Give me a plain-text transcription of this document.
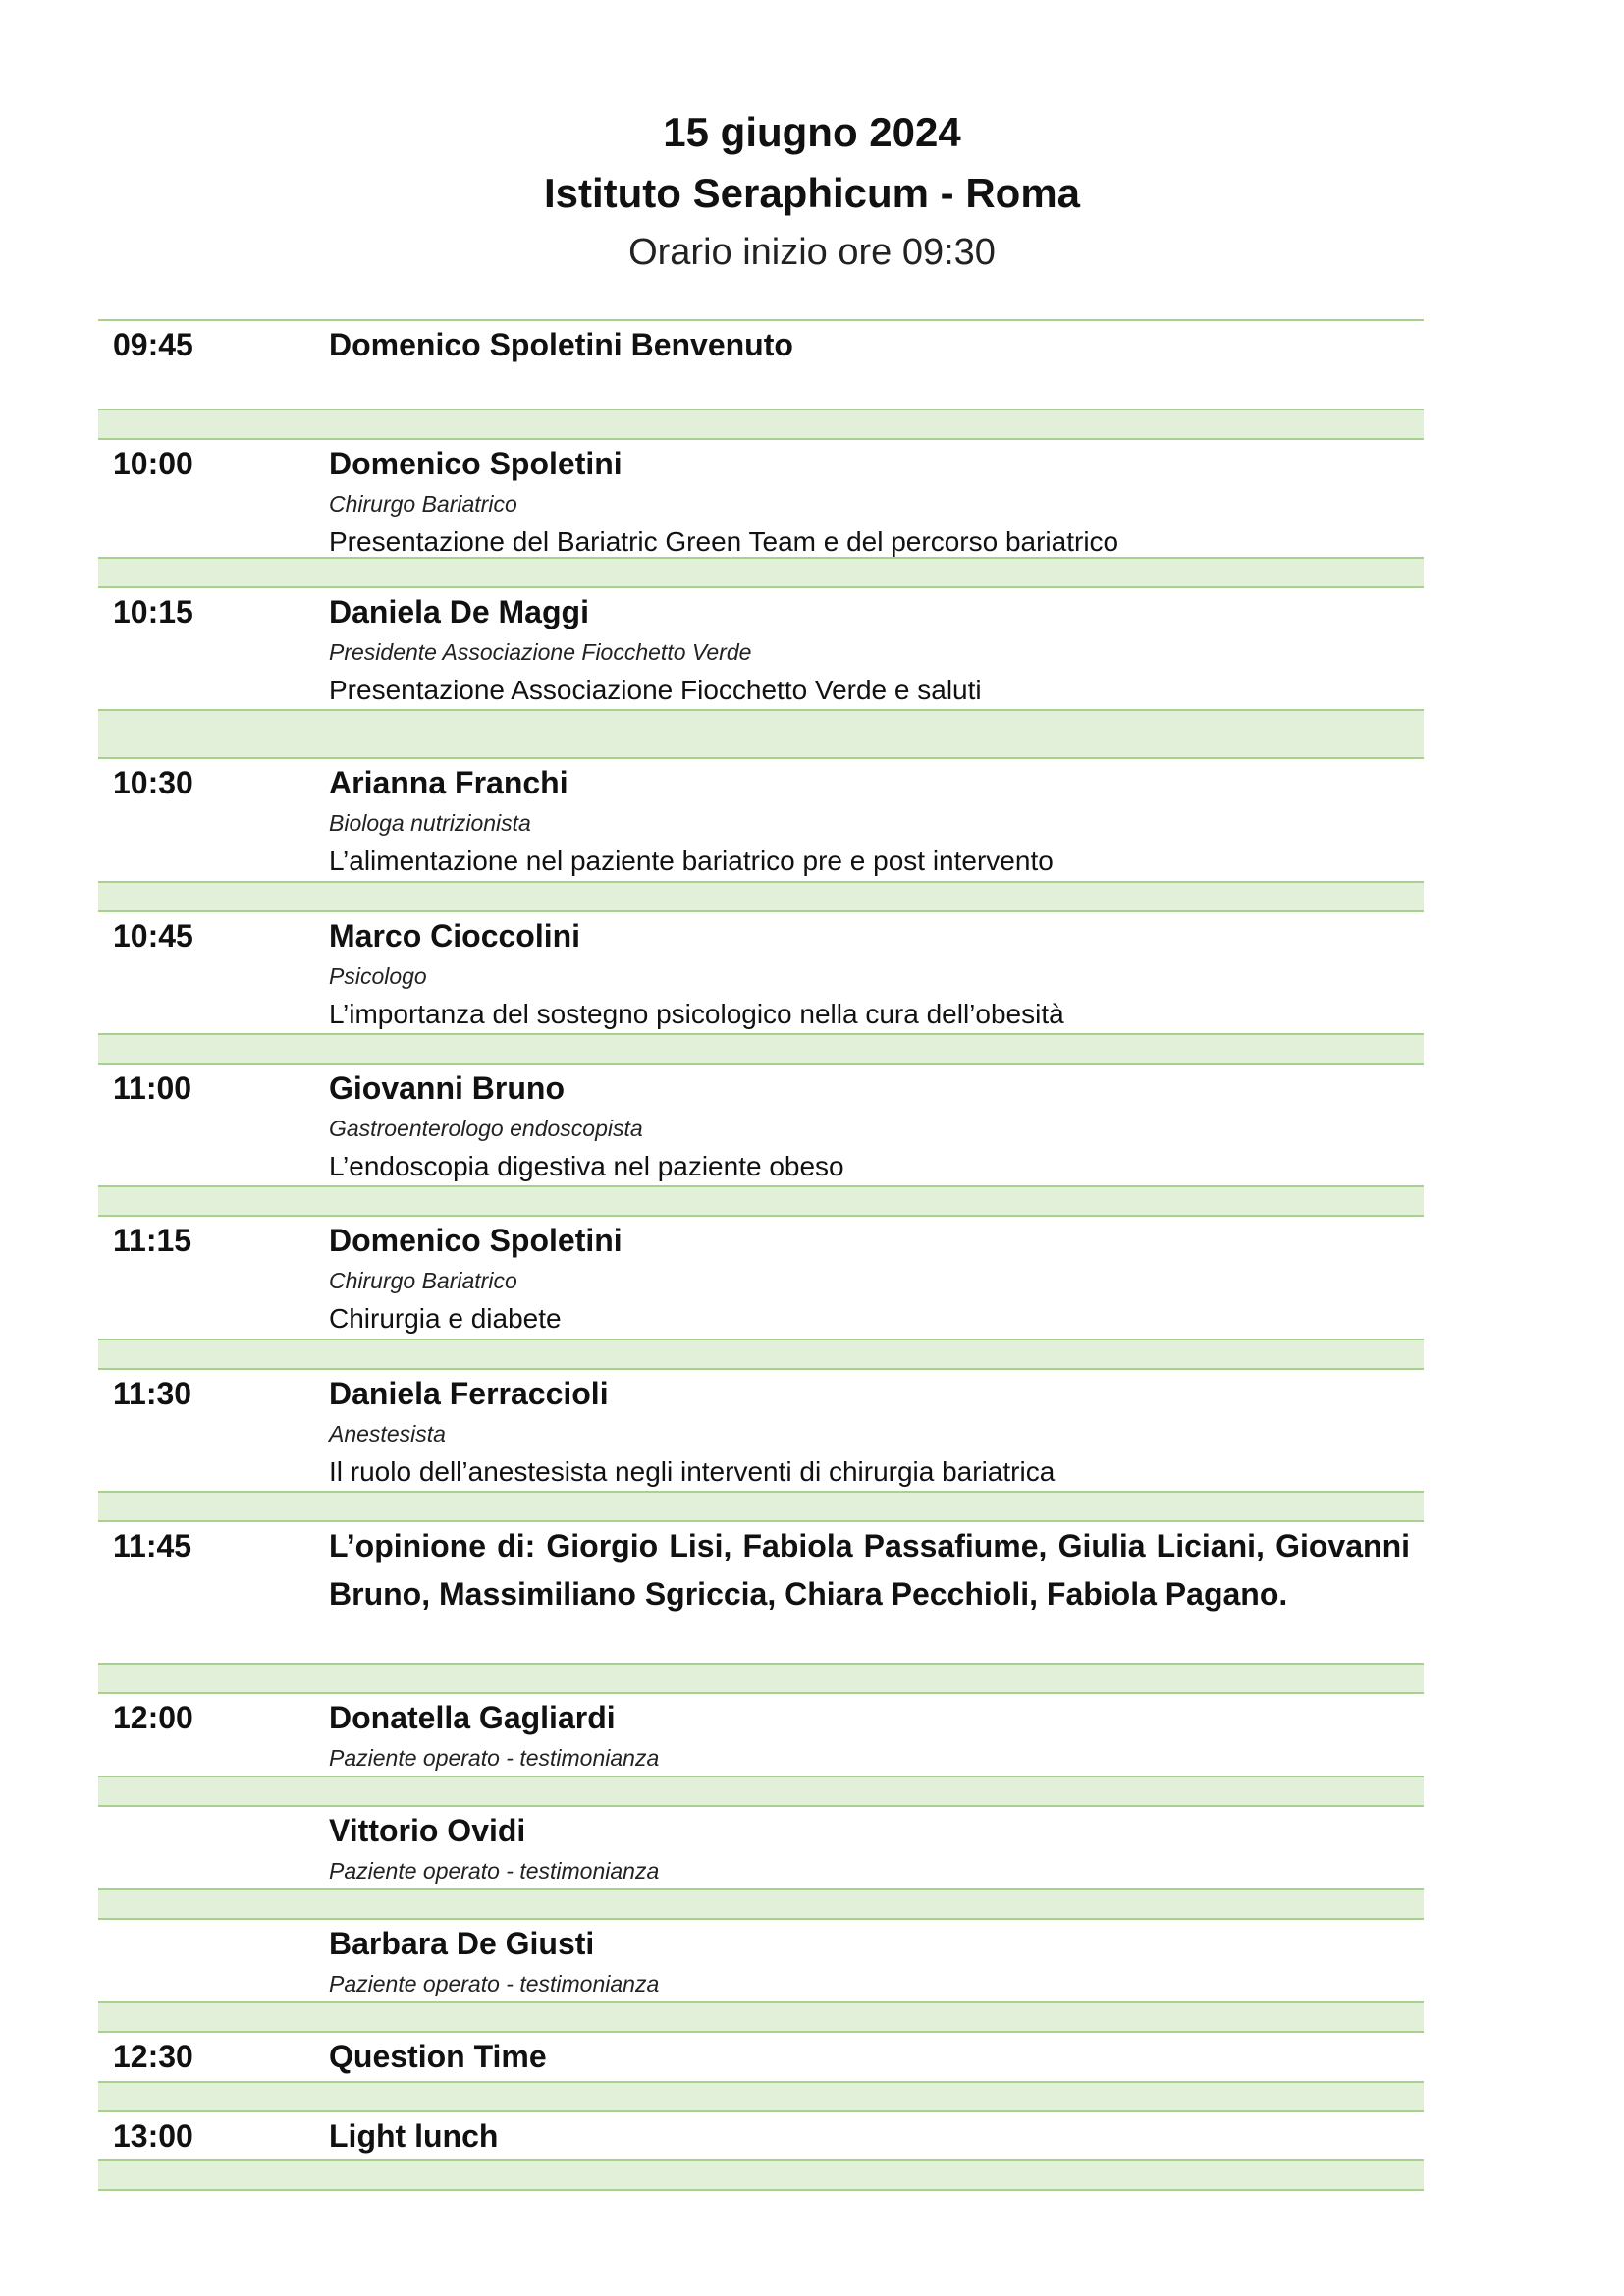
15 giugno 2024
Istituto Seraphicum - Roma
Orario inizio ore 09:30
09:45	Domenico Spoletini Benvenuto
10:00	Domenico Spoletini
Chirurgo Bariatrico
Presentazione del Bariatric Green Team e del percorso bariatrico
10:15	Daniela De Maggi
Presidente Associazione Fiocchetto Verde
Presentazione Associazione Fiocchetto Verde e saluti
10:30	Arianna Franchi
Biologa nutrizionista
L’alimentazione nel paziente bariatrico pre e post intervento
10:45	Marco Cioccolini
Psicologo
L’importanza del sostegno psicologico nella cura dell’obesità
11:00	Giovanni Bruno
Gastroenterologo endoscopista
L’endoscopia digestiva nel paziente obeso
11:15	Domenico Spoletini
Chirurgo Bariatrico
Chirurgia e diabete
11:30	Daniela Ferraccioli
Anestesista
Il ruolo dell’anestesista negli interventi di chirurgia bariatrica
11:45	L’opinione di: Giorgio Lisi, Fabiola Passafiume, Giulia Liciani, Giovanni Bruno, Massimiliano Sgriccia, Chiara Pecchioli, Fabiola Pagano.
12:00	Donatella Gagliardi
Paziente operato - testimonianza
Vittorio Ovidi
Paziente operato - testimonianza
Barbara De Giusti
Paziente operato - testimonianza
12:30	Question Time
13:00	Light lunch
